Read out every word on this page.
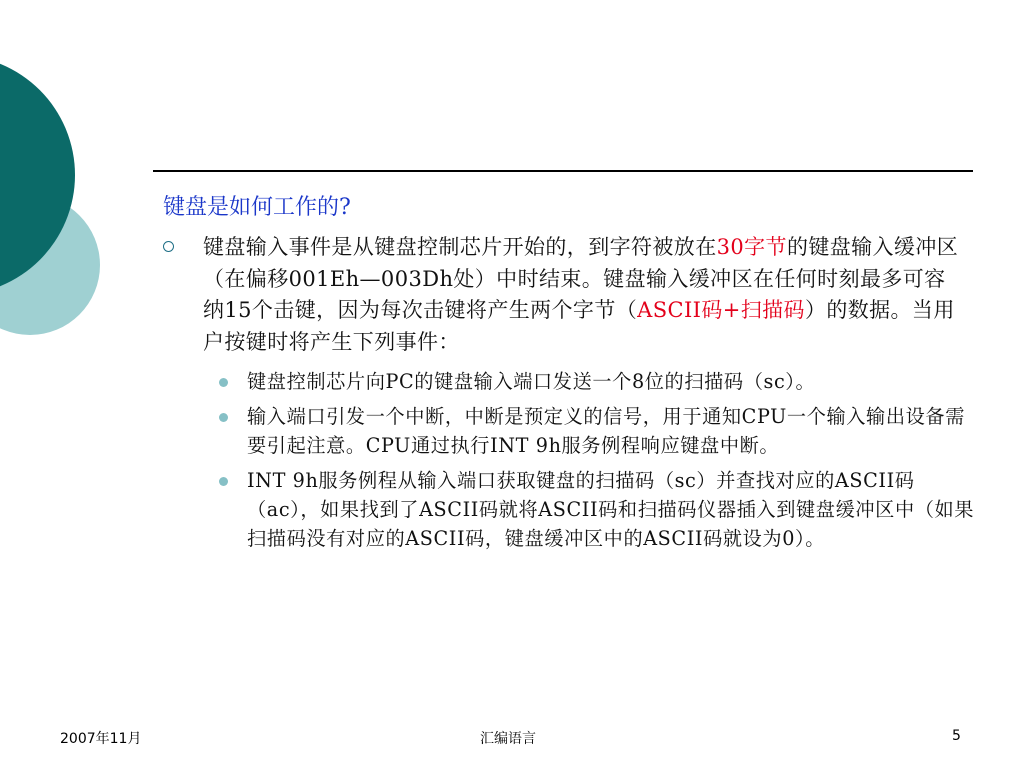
键盘是如何工作的?
键盘输入事件是从键盘控制芯片开始的，到字符被放在30字节的键盘输入缓冲区（在偏移001Eh—003Dh处）中时结束。键盘输入缓冲区在任何时刻最多可容纳15个击键，因为每次击键将产生两个字节（ASCII码+扫描码）的数据。当用户按键时将产生下列事件：
键盘控制芯片向PC的键盘输入端口发送一个8位的扫描码（sc）。
输入端口引发一个中断，中断是预定义的信号，用于通知CPU一个输入输出设备需要引起注意。CPU通过执行INT 9h服务例程响应键盘中断。
INT 9h服务例程从输入端口获取键盘的扫描码（sc）并查找对应的ASCII码（ac），如果找到了ASCII码就将ASCII码和扫描码仪器插入到键盘缓冲区中（如果扫描码没有对应的ASCII码，键盘缓冲区中的ASCII码就设为0）。
2007年11月	汇编语言	5
